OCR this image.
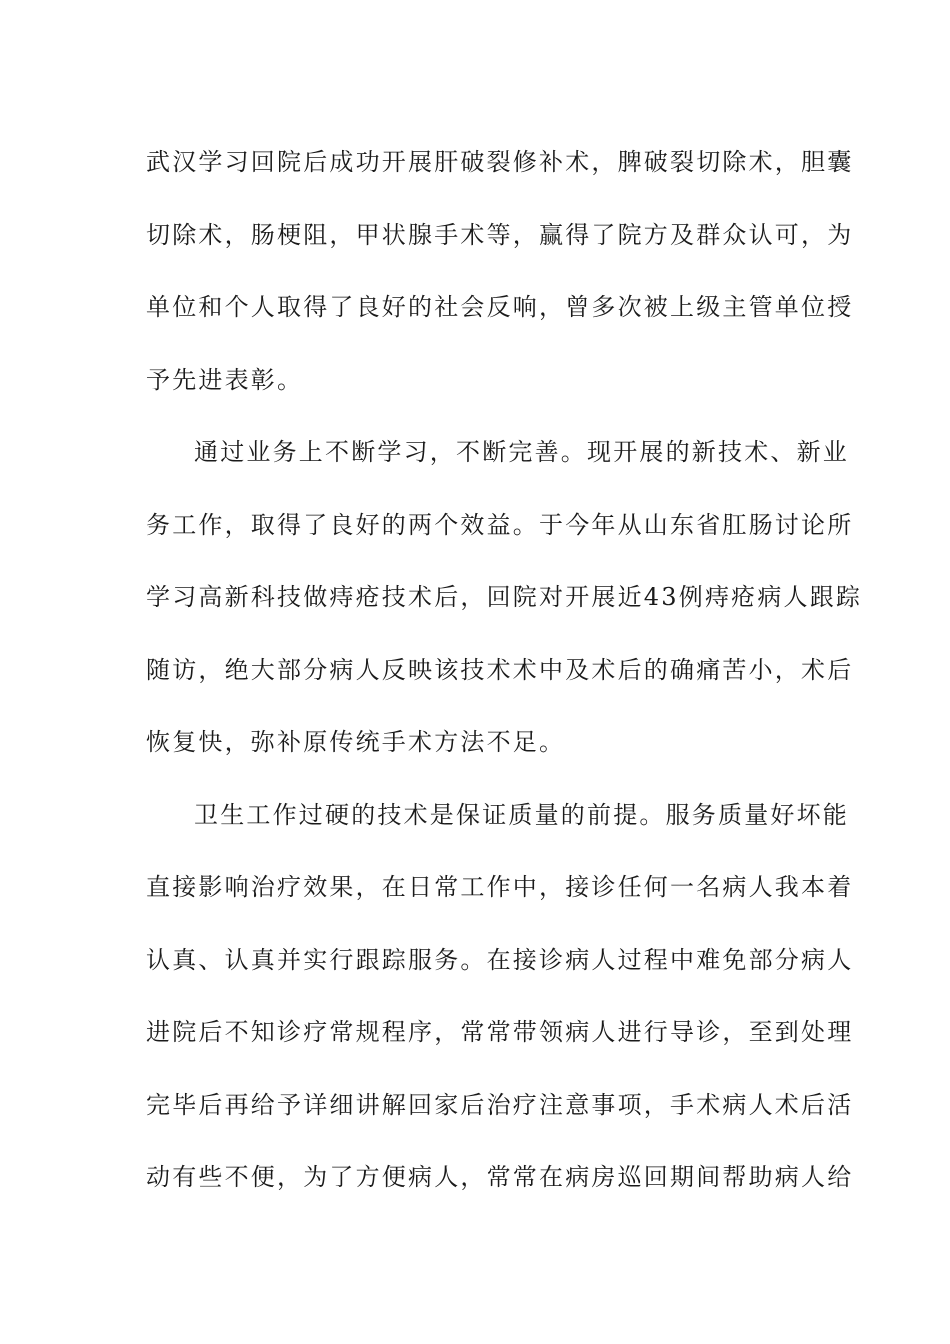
武汉学习回院后成功开展肝破裂修补术，脾破裂切除术，胆囊
切除术，肠梗阻，甲状腺手术等，赢得了院方及群众认可，为
单位和个人取得了良好的社会反响，曾多次被上级主管单位授
予先进表彰。
通过业务上不断学习，不断完善。现开展的新技术、新业
务工作，取得了良好的两个效益。于今年从山东省肛肠讨论所
学习高新科技做痔疮技术后，回院对开展近43例痔疮病人跟踪
随访，绝大部分病人反映该技术术中及术后的确痛苦小，术后
恢复快，弥补原传统手术方法不足。
卫生工作过硬的技术是保证质量的前提。服务质量好坏能
直接影响治疗效果，在日常工作中，接诊任何一名病人我本着
认真、认真并实行跟踪服务。在接诊病人过程中难免部分病人
进院后不知诊疗常规程序，常常带领病人进行导诊，至到处理
完毕后再给予详细讲解回家后治疗注意事项，手术病人术后活
动有些不便，为了方便病人，常常在病房巡回期间帮助病人给
